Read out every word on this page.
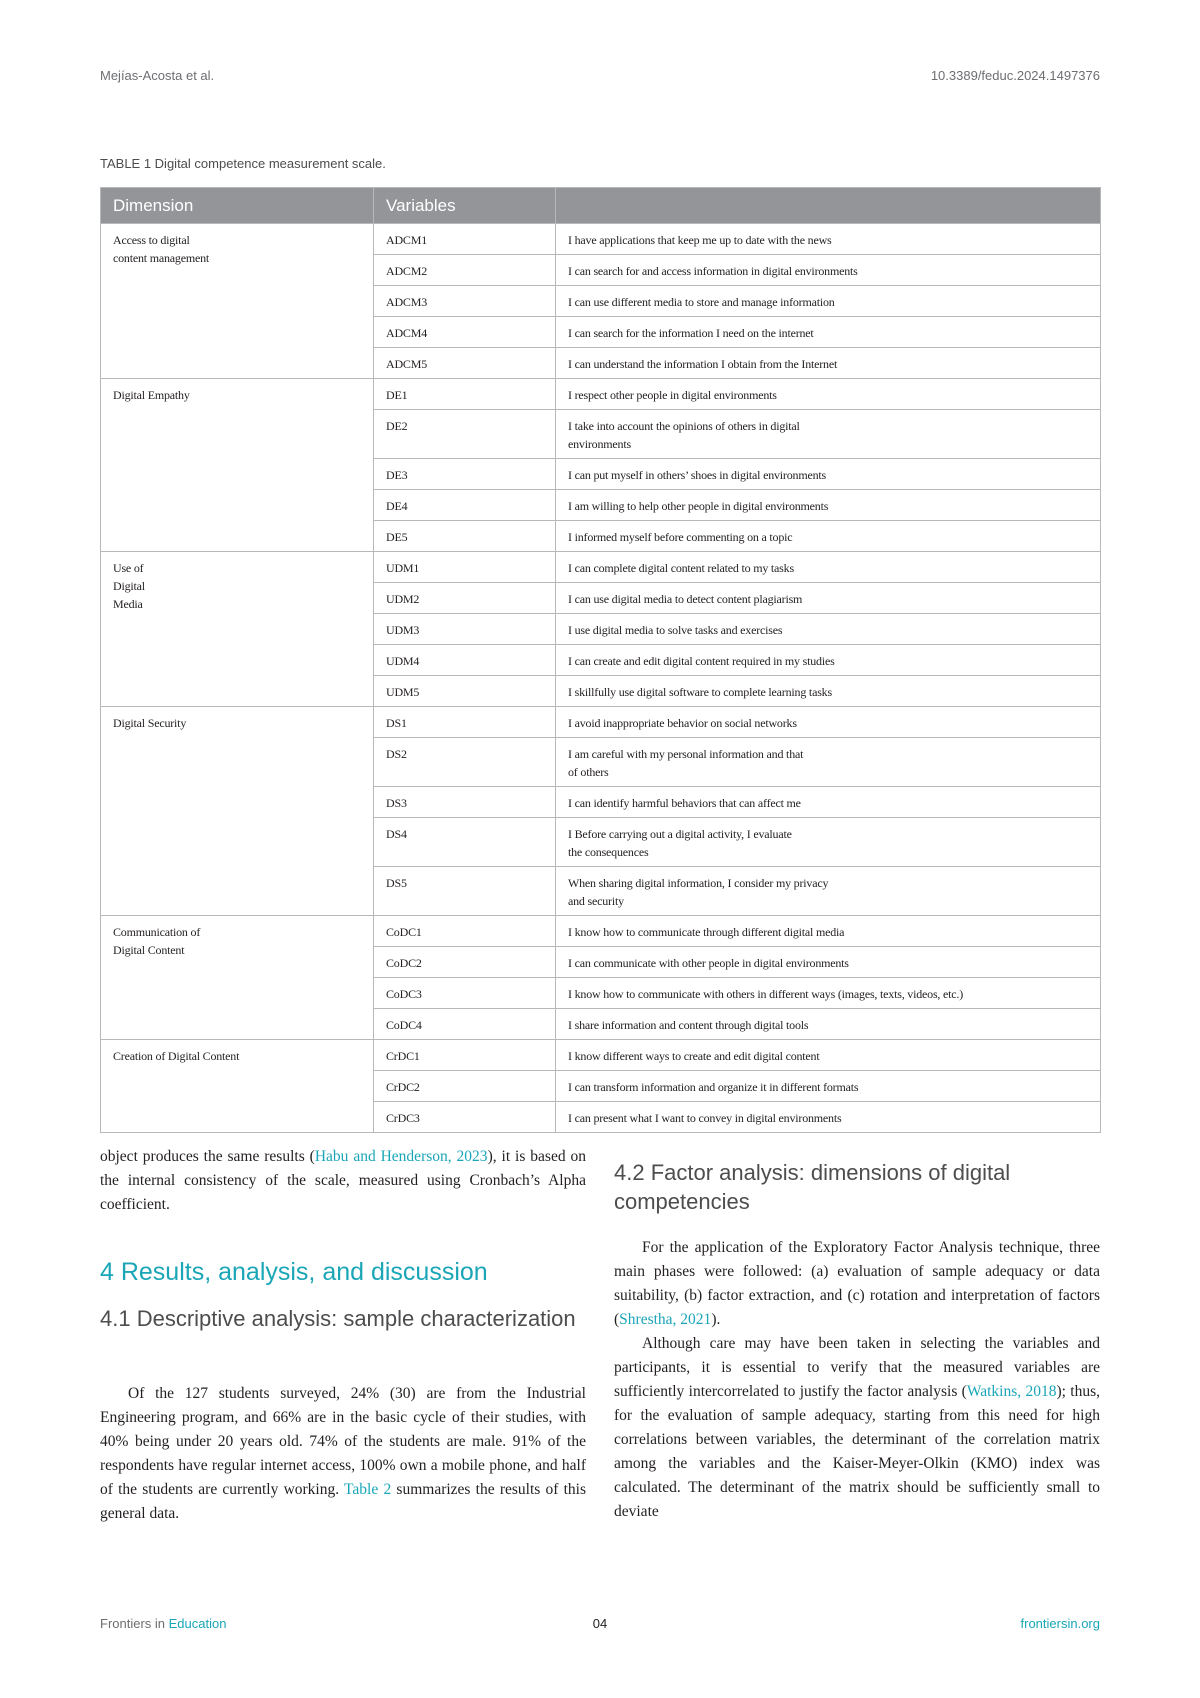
Mejías-Acosta et al.	10.3389/feduc.2024.1497376
TABLE 1 Digital competence measurement scale.
Dimension	Variables	
Access to digital
content management	ADCM1	I have applications that keep me up to date with the news
	ADCM2	I can search for and access information in digital environments
	ADCM3	I can use different media to store and manage information
	ADCM4	I can search for the information I need on the internet
	ADCM5	I can understand the information I obtain from the Internet
Digital Empathy	DE1	I respect other people in digital environments
	DE2	I take into account the opinions of others in digital
environments
	DE3	I can put myself in others’ shoes in digital environments
	DE4	I am willing to help other people in digital environments
	DE5	I informed myself before commenting on a topic
Use of
Digital
Media	UDM1	I can complete digital content related to my tasks
	UDM2	I can use digital media to detect content plagiarism
	UDM3	I use digital media to solve tasks and exercises
	UDM4	I can create and edit digital content required in my studies
	UDM5	I skillfully use digital software to complete learning tasks
Digital Security	DS1	I avoid inappropriate behavior on social networks
	DS2	I am careful with my personal information and that
of others
	DS3	I can identify harmful behaviors that can affect me
	DS4	I Before carrying out a digital activity, I evaluate
the consequences
	DS5	When sharing digital information, I consider my privacy
and security
Communication of
Digital Content	CoDC1	I know how to communicate through different digital media
	CoDC2	I can communicate with other people in digital environments
	CoDC3	I know how to communicate with others in different ways (images, texts, videos, etc.)
	CoDC4	I share information and content through digital tools
Creation of Digital Content	CrDC1	I know different ways to create and edit digital content
	CrDC2	I can transform information and organize it in different formats
	CrDC3	I can present what I want to convey in digital environments
object produces the same results (Habu and Henderson, 2023), it is based on the internal consistency of the scale, measured using Cronbach’s Alpha coefficient.
4 Results, analysis, and discussion
4.1 Descriptive analysis: sample characterization

Of the 127 students surveyed, 24% (30) are from the Industrial Engineering program, and 66% are in the basic cycle of their studies, with 40% being under 20 years old. 74% of the students are male. 91% of the respondents have regular internet access, 100% own a mobile phone, and half of the students are currently working. Table 2 summarizes the results of this general data.

4.2 Factor analysis: dimensions of digital competencies

For the application of the Exploratory Factor Analysis technique, three main phases were followed: (a) evaluation of sample adequacy or data suitability, (b) factor extraction, and (c) rotation and interpretation of factors (Shrestha, 2021).

Although care may have been taken in selecting the variables and participants, it is essential to verify that the measured variables are sufficiently intercorrelated to justify the factor analysis (Watkins, 2018); thus, for the evaluation of sample adequacy, starting from this need for high correlations between variables, the determinant of the correlation matrix among the variables and the Kaiser-Meyer-Olkin (KMO) index was calculated. The determinant of the matrix should be sufficiently small to deviate

Frontiers in Education	04	frontiersin.org
